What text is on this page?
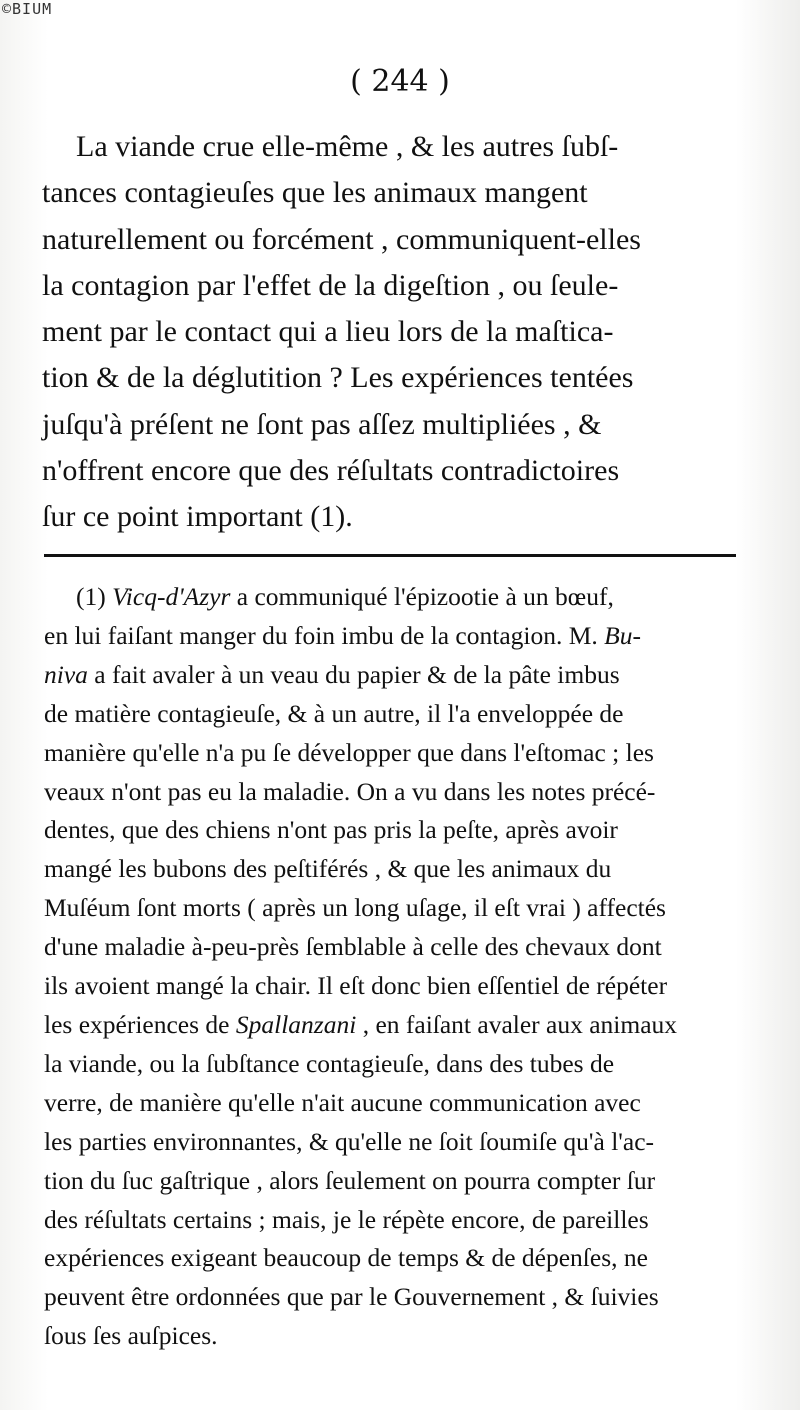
©BIUM
( 244 )
La viande crue elle-même , & les autres ſubſ-
tances contagieuſes que les animaux mangent
naturellement ou forcément , communiquent-elles
la contagion par l'effet de la digeſtion , ou ſeule-
ment par le contact qui a lieu lors de la maſtica-
tion & de la déglutition ? Les expériences tentées
juſqu'à préſent ne ſont pas aſſez multipliées , &
n'offrent encore que des réſultats contradictoires
ſur ce point important (1).
(1) Vicq-d'Azyr a communiqué l'épizootie à un bœuf,
en lui faiſant manger du foin imbu de la contagion. M. Bu-
niva a fait avaler à un veau du papier & de la pâte imbus
de matière contagieuſe, & à un autre, il l'a enveloppée de
manière qu'elle n'a pu ſe développer que dans l'eſtomac ; les
veaux n'ont pas eu la maladie. On a vu dans les notes précé-
dentes, que des chiens n'ont pas pris la peſte, après avoir
mangé les bubons des peſtiférés , & que les animaux du
Muſéum ſont morts ( après un long uſage, il eſt vrai ) affectés
d'une maladie à-peu-près ſemblable à celle des chevaux dont
ils avoient mangé la chair. Il eſt donc bien eſſentiel de répéter
les expériences de Spallanzani , en faiſant avaler aux animaux
la viande, ou la ſubſtance contagieuſe, dans des tubes de
verre, de manière qu'elle n'ait aucune communication avec
les parties environnantes, & qu'elle ne ſoit ſoumiſe qu'à l'ac-
tion du ſuc gaſtrique , alors ſeulement on pourra compter ſur
des réſultats certains ; mais, je le répète encore, de pareilles
expériences exigeant beaucoup de temps & de dépenſes, ne
peuvent être ordonnées que par le Gouvernement , & ſuivies
ſous ſes auſpices.
